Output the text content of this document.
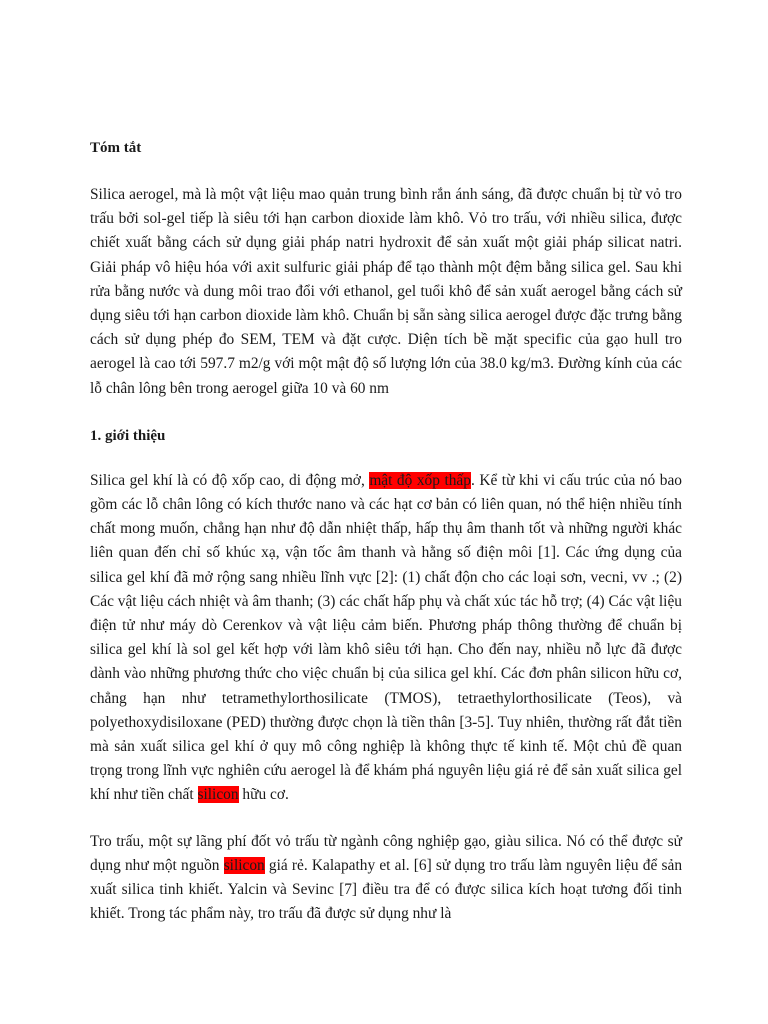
Tóm tắt

Silica aerogel, mà là một vật liệu mao quản trung bình rắn ánh sáng, đã được chuẩn bị từ vỏ tro trấu bởi sol-gel tiếp là siêu tới hạn carbon dioxide làm khô. Vỏ tro trấu, với nhiều silica, được chiết xuất bằng cách sử dụng giải pháp natri hydroxit để sản xuất một giải pháp silicat natri. Giải pháp vô hiệu hóa với axit sulfuric giải pháp để tạo thành một đệm bằng silica gel. Sau khi rửa bằng nước và dung môi trao đổi với ethanol, gel tuổi khô để sản xuất aerogel bằng cách sử dụng siêu tới hạn carbon dioxide làm khô. Chuẩn bị sẵn sàng silica aerogel được đặc trưng bằng cách sử dụng phép đo SEM, TEM và đặt cược. Diện tích bề mặt specific của gạo hull tro aerogel là cao tới 597.7 m2/g với một mật độ số lượng lớn của 38.0 kg/m3. Đường kính của các lỗ chân lông bên trong aerogel giữa 10 và 60 nm

1. giới thiệu

Silica gel khí là có độ xốp cao, di động mở, mật độ xốp thấp. Kể từ khi vi cấu trúc của nó bao gồm các lỗ chân lông có kích thước nano và các hạt cơ bản có liên quan, nó thể hiện nhiều tính chất mong muốn, chẳng hạn như độ dẫn nhiệt thấp, hấp thụ âm thanh tốt và những người khác liên quan đến chỉ số khúc xạ, vận tốc âm thanh và hằng số điện môi [1]. Các ứng dụng của silica gel khí đã mở rộng sang nhiều lĩnh vực [2]: (1) chất độn cho các loại sơn, vecni, vv .; (2) Các vật liệu cách nhiệt và âm thanh; (3) các chất hấp phụ và chất xúc tác hỗ trợ; (4) Các vật liệu điện tử như máy dò Cerenkov và vật liệu cảm biến. Phương pháp thông thường để chuẩn bị silica gel khí là sol gel kết hợp với làm khô siêu tới hạn. Cho đến nay, nhiều nỗ lực đã được dành vào những phương thức cho việc chuẩn bị của silica gel khí. Các đơn phân silicon hữu cơ, chẳng hạn như tetramethylorthosilicate (TMOS), tetraethylorthosilicate (Teos), và polyethoxydisiloxane (PED) thường được chọn là tiền thân [3-5]. Tuy nhiên, thường rất đắt tiền mà sản xuất silica gel khí ở quy mô công nghiệp là không thực tế kinh tế. Một chủ đề quan trọng trong lĩnh vực nghiên cứu aerogel là để khám phá nguyên liệu giá rẻ để sản xuất silica gel khí như tiền chất silicon hữu cơ.

Tro trấu, một sự lãng phí đốt vỏ trấu từ ngành công nghiệp gạo, giàu silica. Nó có thể được sử dụng như một nguồn silicon giá rẻ. Kalapathy et al. [6] sử dụng tro trấu làm nguyên liệu để sản xuất silica tinh khiết. Yalcin và Sevinc [7] điều tra để có được silica kích hoạt tương đối tinh khiết. Trong tác phẩm này, tro trấu đã được sử dụng như là
